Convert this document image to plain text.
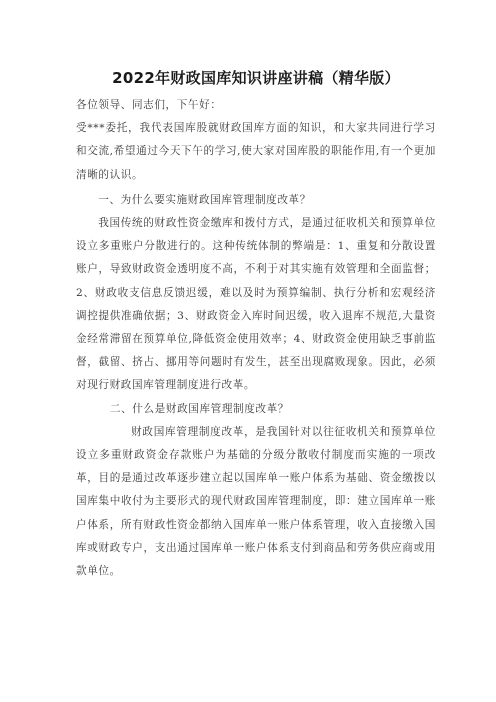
2022年财政国库知识讲座讲稿（精华版）

各位领导、同志们，下午好：

受***委托，我代表国库股就财政国库方面的知识，和大家共同进行学习和交流,希望通过今天下午的学习,使大家对国库股的职能作用,有一个更加清晰的认识。

一、为什么要实施财政国库管理制度改革？

我国传统的财政性资金缴库和拨付方式，是通过征收机关和预算单位设立多重账户分散进行的。这种传统体制的弊端是：1、重复和分散设置账户，导致财政资金透明度不高，不利于对其实施有效管理和全面监督；2、财政收支信息反馈迟缓，难以及时为预算编制、执行分析和宏观经济调控提供准确依据；3、财政资金入库时间迟缓，收入退库不规范,大量资金经常滞留在预算单位,降低资金使用效率；4、财政资金使用缺乏事前监督，截留、挤占、挪用等问题时有发生，甚至出现腐败现象。因此，必须对现行财政国库管理制度进行改革。

二、什么是财政国库管理制度改革？

财政国库管理制度改革，是我国针对以往征收机关和预算单位设立多重财政资金存款账户为基础的分级分散收付制度而实施的一项改革，目的是通过改革逐步建立起以国库单一账户体系为基础、资金缴拨以国库集中收付为主要形式的现代财政国库管理制度，即：建立国库单一账户体系，所有财政性资金都纳入国库单一账户体系管理，收入直接缴入国库或财政专户，支出通过国库单一账户体系支付到商品和劳务供应商或用款单位。
